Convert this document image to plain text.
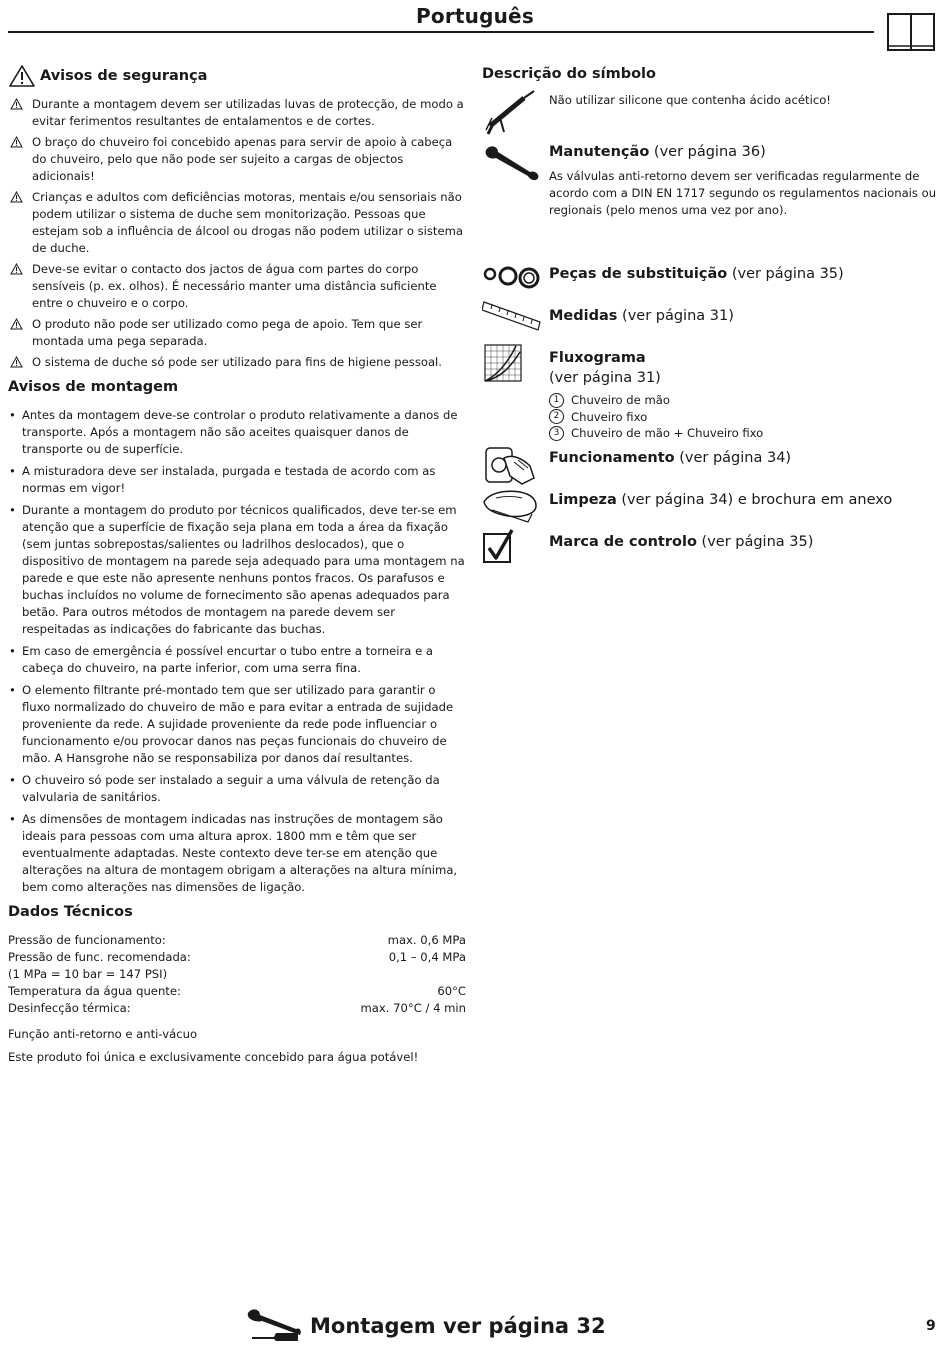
Português
Avisos de segurança
Durante a montagem devem ser utilizadas luvas de protecção, de modo a evitar ferimentos resultantes de entalamentos e de cortes.
O braço do chuveiro foi concebido apenas para servir de apoio à cabeça do chuveiro, pelo que não pode ser sujeito a cargas de objectos adicionais!
Crianças e adultos com deficiências motoras, mentais e/ou sensoriais não podem utilizar o sistema de duche sem monitorização. Pessoas que estejam sob a influência de álcool ou drogas não podem utilizar o sistema de duche.
Deve-se evitar o contacto dos jactos de água com partes do corpo sensíveis (p. ex. olhos). É necessário manter uma distância suficiente entre o chuveiro e o corpo.
O produto não pode ser utilizado como pega de apoio. Tem que ser montada uma pega separada.
O sistema de duche só pode ser utilizado para fins de higiene pessoal.
Avisos de montagem
• Antes da montagem deve-se controlar o produto relativamente a danos de transporte. Após a montagem não são aceites quaisquer danos de transporte ou de superfície.
• A misturadora deve ser instalada, purgada e testada de acordo com as normas em vigor!
• Durante a montagem do produto por técnicos qualificados, deve ter-se em atenção que a superfície de fixação seja plana em toda a área da fixação (sem juntas sobrepostas/salientes ou ladrilhos deslocados), que o dispositivo de montagem na parede seja adequado para uma montagem na parede e que este não apresente nenhuns pontos fracos. Os parafusos e buchas incluídos no volume de fornecimento são apenas adequados para betão. Para outros métodos de montagem na parede devem ser respeitadas as indicações do fabricante das buchas.
• Em caso de emergência é possível encurtar o tubo entre a torneira e a cabeça do chuveiro, na parte inferior, com uma serra fina.
• O elemento filtrante pré-montado tem que ser utilizado para garantir o fluxo normalizado do chuveiro de mão e para evitar a entrada de sujidade proveniente da rede. A sujidade proveniente da rede pode influenciar o funcionamento e/ou provocar danos nas peças funcionais do chuveiro de mão. A Hansgrohe não se responsabiliza por danos daí resultantes.
• O chuveiro só pode ser instalado a seguir a uma válvula de retenção da valvularia de sanitários.
• As dimensões de montagem indicadas nas instruções de montagem são ideais para pessoas com uma altura aprox. 1800 mm e têm que ser eventualmente adaptadas. Neste contexto deve ter-se em atenção que alterações na altura de montagem obrigam a alterações na altura mínima, bem como alterações nas dimensões de ligação.
Dados Técnicos
Pressão de funcionamento:	max. 0,6 MPa
Pressão de func. recomendada:	0,1 – 0,4 MPa
(1 MPa = 10 bar = 147 PSI)
Temperatura da água quente:	60°C
Desinfecção térmica:	max. 70°C / 4 min
Função anti-retorno e anti-vácuo
Este produto foi única e exclusivamente concebido para água potável!
Descrição do símbolo
Não utilizar silicone que contenha ácido acético!
Manutenção (ver página 36)
As válvulas anti-retorno devem ser verificadas regularmente de acordo com a DIN EN 1717 segundo os regulamentos nacionais ou regionais (pelo menos uma vez por ano).
Peças de substituição (ver página 35)
Medidas (ver página 31)
Fluxograma
(ver página 31)
1	Chuveiro de mão
2	Chuveiro fixo
3	Chuveiro de mão + Chuveiro fixo
Funcionamento (ver página 34)
Limpeza (ver página 34) e brochura em anexo
Marca de controlo (ver página 35)
Montagem ver página 32	9
